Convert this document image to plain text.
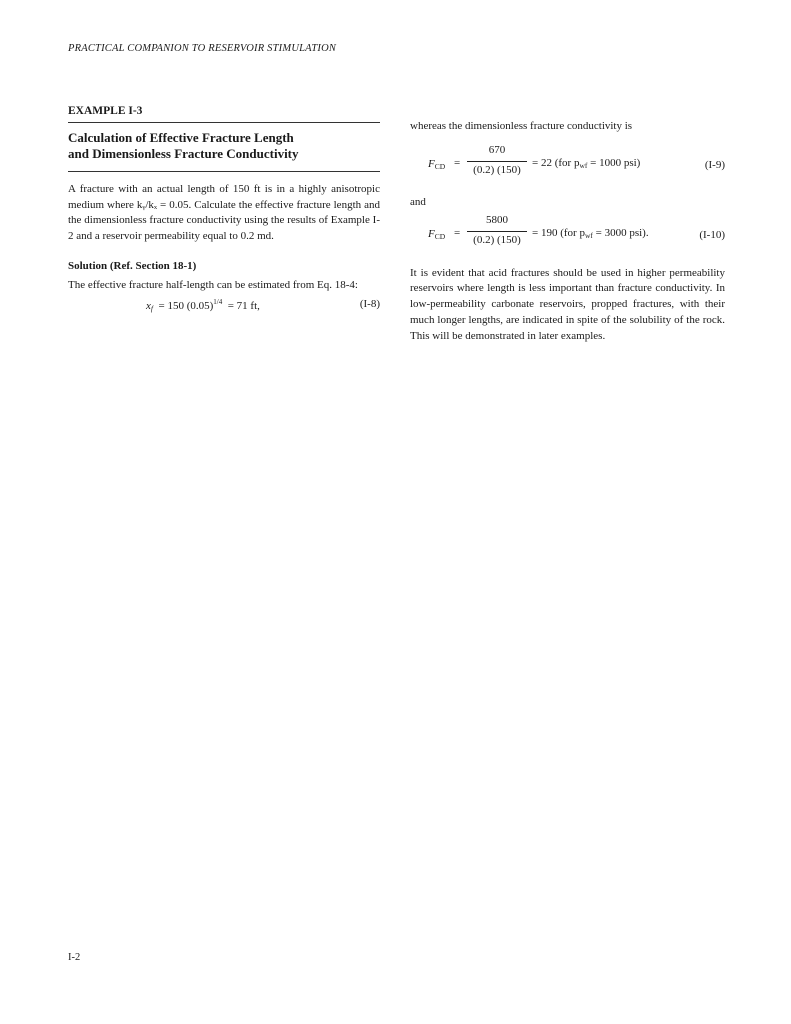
PRACTICAL COMPANION TO RESERVOIR STIMULATION
EXAMPLE I-3
Calculation of Effective Fracture Length
and Dimensionless Fracture Conductivity

A fracture with an actual length of 150 ft is in a highly anisotropic medium where kᵧ/kₓ = 0.05. Calculate the effective fracture length and the dimensionless fracture conductivity using the results of Example I-2 and a reservoir permeability equal to 0.2 md.

Solution (Ref. Section 18-1)

The effective fracture half-length can be estimated from Eq. 18-4:

$x_f = 150$ $(0.05)^{1/4} = 71$ ft,	(I-8)

whereas the dimensionless fracture conductivity is

$F_{CD}$ =
670
(0.2) (150)
= 22 (for $p_{wf} = 1000$ psi)	(I-9)
and
$F_{CD}$ =
5800
(0.2) (150)
= 190 (for $p_{wf} = 3000$ psi).	(I-10)

It is evident that acid fractures should be used in higher permeability reservoirs where length is less important than fracture conductivity. In low-permeability carbonate reservoirs, propped fractures, with their much longer lengths, are indicated in spite of the solubility of the rock. This will be demonstrated in later examples.

I-2
